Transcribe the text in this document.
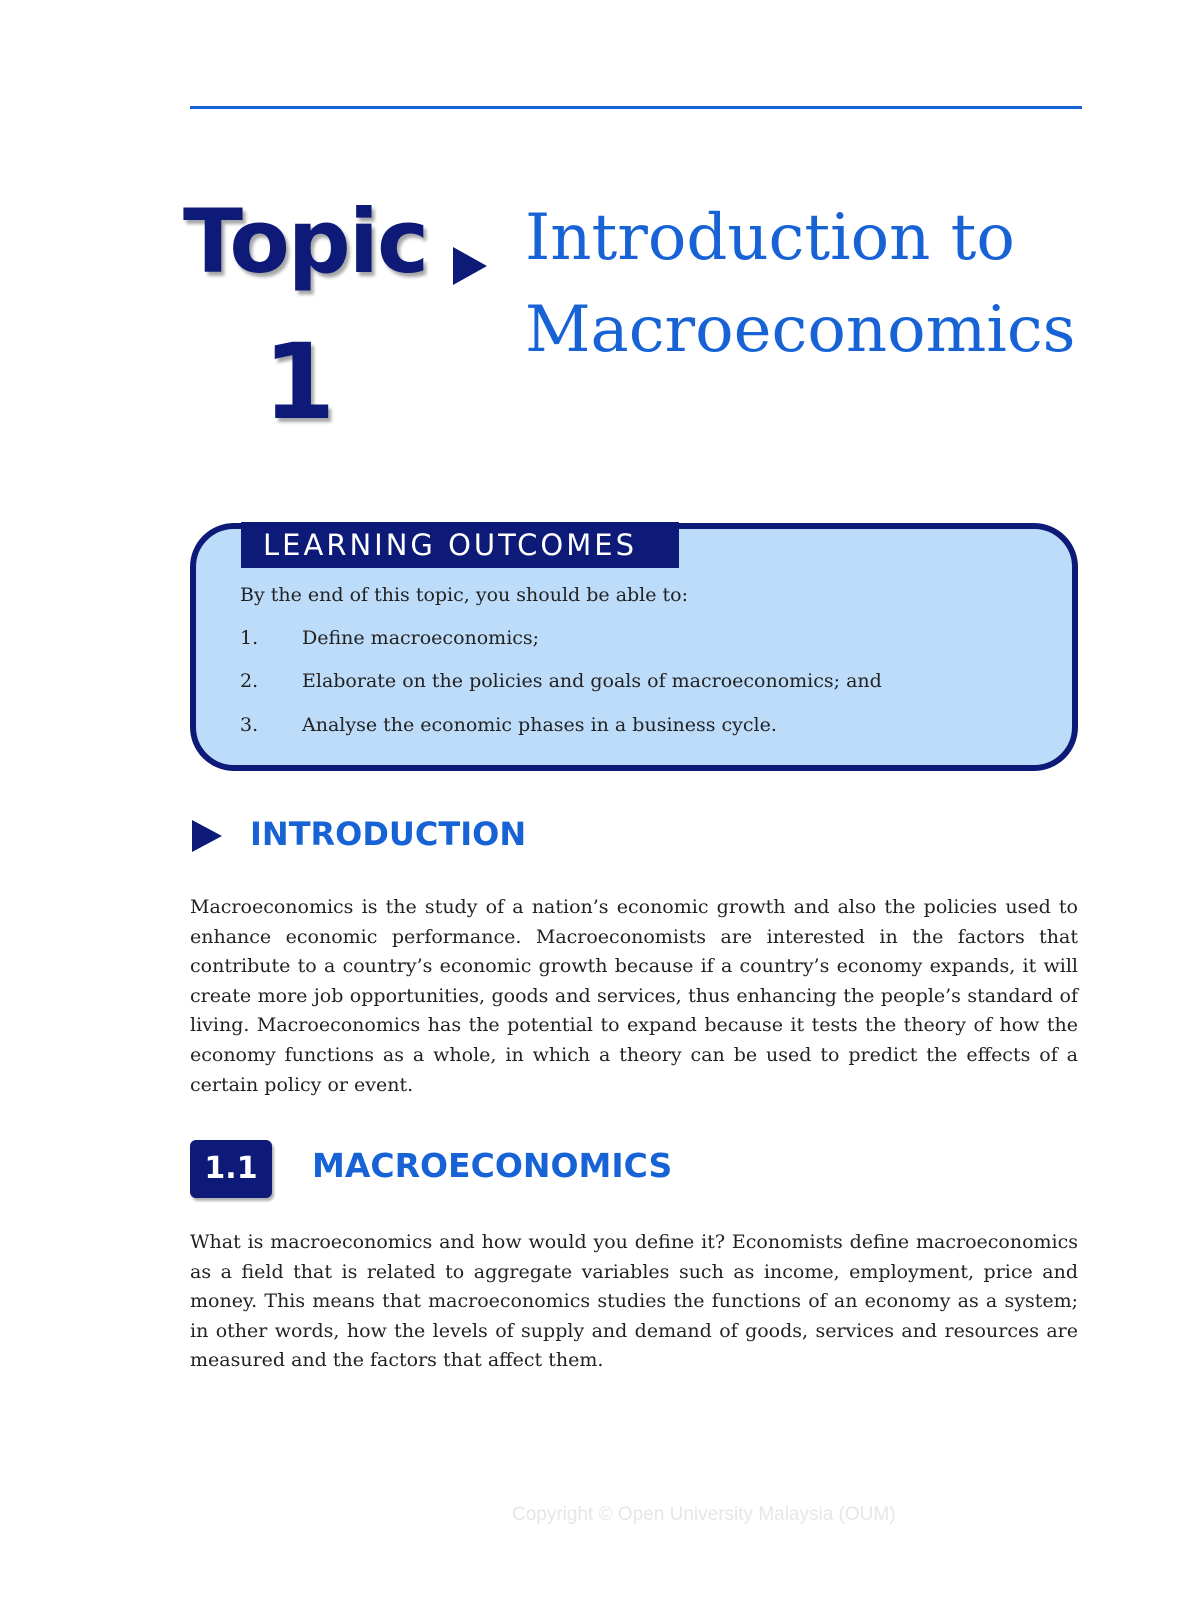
Topic
1
Introduction to
Macroeconomics
LEARNING OUTCOMES
By the end of this topic, you should be able to:
1. Define macroeconomics;
2. Elaborate on the policies and goals of macroeconomics; and
3. Analyse the economic phases in a business cycle.
INTRODUCTION

Macroeconomics is the study of a nation’s economic growth and also the policies used to enhance economic performance. Macroeconomists are interested in the factors that contribute to a country’s economic growth because if a country’s economy expands, it will create more job opportunities, goods and services, thus enhancing the people’s standard of living. Macroeconomics has the potential to expand because it tests the theory of how the economy functions as a whole, in which a theory can be used to predict the effects of a certain policy or event.

1.1	MACROECONOMICS

What is macroeconomics and how would you define it? Economists define macroeconomics as a field that is related to aggregate variables such as income, employment, price and money. This means that macroeconomics studies the functions of an economy as a system; in other words, how the levels of supply and demand of goods, services and resources are measured and the factors that affect them.

Copyright © Open University Malaysia (OUM)
